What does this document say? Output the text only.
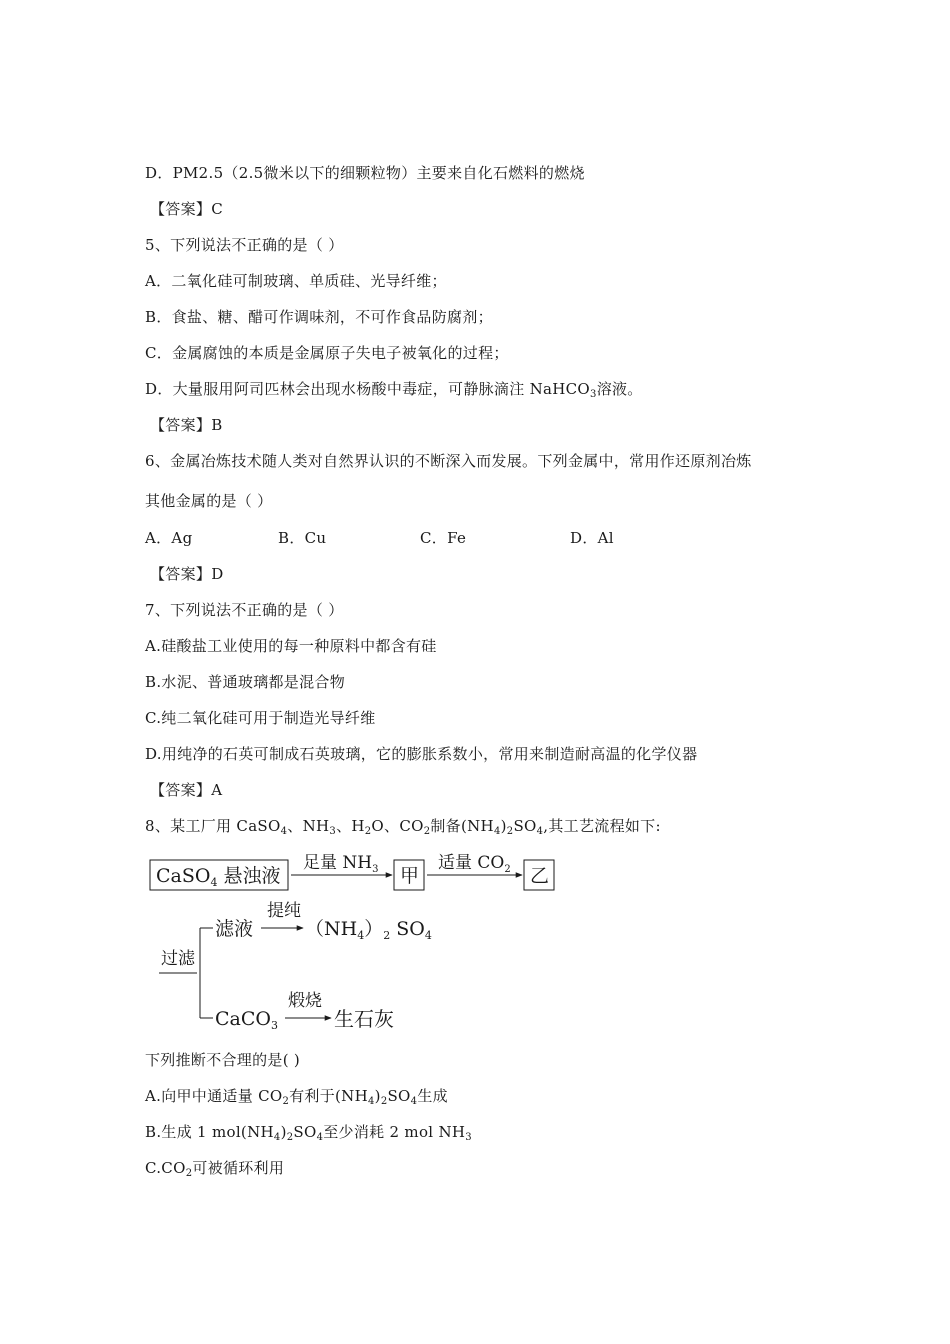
D．PM2.5（2.5微米以下的细颗粒物）主要来自化石燃料的燃烧
【答案】C
5、下列说法不正确的是（ ）
A．二氧化硅可制玻璃、单质硅、光导纤维；
B．食盐、糖、醋可作调味剂，不可作食品防腐剂；
C．金属腐蚀的本质是金属原子失电子被氧化的过程；
D．大量服用阿司匹林会出现水杨酸中毒症，可静脉滴注 NaHCO$_3$溶液。
【答案】B
6、金属冶炼技术随人类对自然界认识的不断深入而发展。下列金属中，常用作还原剂冶炼
其他金属的是（ ）
A．Ag	B．Cu	C．Fe	D．Al
【答案】D
7、下列说法不正确的是（ ）
A.硅酸盐工业使用的每一种原料中都含有硅
B.水泥、普通玻璃都是混合物
C.纯二氧化硅可用于制造光导纤维
D.用纯净的石英可制成石英玻璃，它的膨胀系数小，常用来制造耐高温的化学仪器
【答案】A
8、某工厂用 CaSO$_4$、$NH_3$、$H_2O$、$CO_2$制备$(NH_4)_2SO_4$,其工艺流程如下:
CaSO$_4$ 悬浊液
足量 $NH_3$ 甲
适量 $CO_2$ 乙
过滤
滤液
提纯
$(NH_4)_2$ $SO_4$
CaCO$_3$
煅烧
生石灰
下列推断不合理的是( )
A.向甲中通适量 $CO_2$有利于$(NH_4)_2SO_4$生成
B.生成 1 $mol(NH_4)_2SO_4$至少消耗 2 mol $NH_3$
$C.CO_2$可被循环利用
